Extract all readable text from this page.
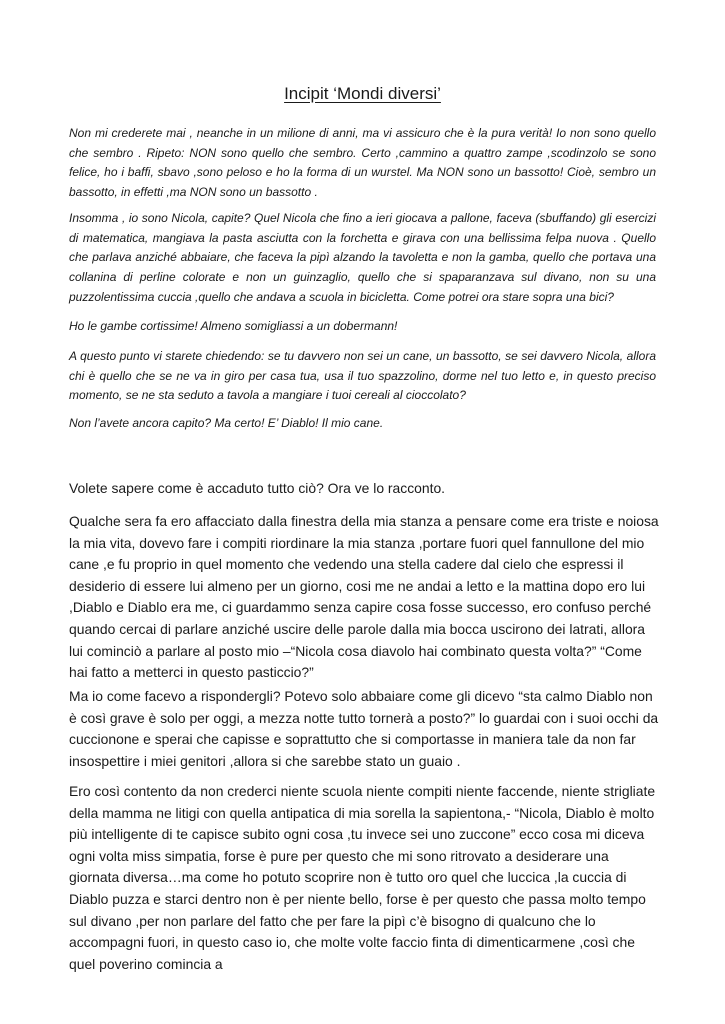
Incipit ‘Mondi diversi’

Non mi crederete mai , neanche in un milione di anni, ma vi assicuro che è la pura verità! Io non sono quello che sembro . Ripeto: NON sono quello che sembro. Certo ,cammino a quattro zampe ,scodinzolo se sono felice, ho i baffi, sbavo ,sono peloso e ho la forma di un wurstel. Ma NON sono un bassotto! Cioè, sembro un bassotto, in effetti ,ma NON sono un bassotto .

Insomma , io sono Nicola, capite? Quel Nicola che fino a ieri giocava a pallone, faceva (sbuffando) gli esercizi di matematica, mangiava la pasta asciutta con la forchetta e girava con una bellissima felpa nuova . Quello che parlava anziché abbaiare, che faceva la pipì alzando la tavoletta e non la gamba, quello che portava una collanina di perline colorate e non un guinzaglio, quello che si spaparanzava sul divano, non su una puzzolentissima cuccia ,quello che andava a scuola in bicicletta. Come potrei ora stare sopra una bici?

Ho le gambe cortissime! Almeno somigliassi a un dobermann!

A questo punto vi starete chiedendo: se tu davvero non sei un cane, un bassotto, se sei davvero Nicola, allora chi è quello che se ne va in giro per casa tua, usa il tuo spazzolino, dorme nel tuo letto e, in questo preciso momento, se ne sta seduto a tavola a mangiare i tuoi cereali al cioccolato?

Non l’avete ancora capito? Ma certo! E’ Diablo! Il mio cane.

Volete sapere come è accaduto tutto ciò? Ora ve lo racconto.

Qualche sera fa ero affacciato dalla finestra della mia stanza a pensare come era triste e noiosa la mia vita, dovevo fare i compiti riordinare la mia stanza ,portare fuori quel fannullone del mio cane ,e fu proprio in quel momento che vedendo una stella cadere dal cielo che espressi il desiderio di essere lui almeno per un giorno, cosi me ne andai a letto e la mattina dopo ero lui ,Diablo e Diablo era me, ci guardammo senza capire cosa fosse successo, ero confuso perché quando cercai di parlare anziché uscire delle parole dalla mia bocca uscirono dei latrati, allora lui cominciò a parlare al posto mio –“Nicola cosa diavolo hai combinato questa volta?” “Come hai fatto a metterci in questo pasticcio?”

Ma io come facevo a rispondergli? Potevo solo abbaiare come gli dicevo “sta calmo Diablo non è così grave è solo per oggi, a mezza notte tutto tornerà a posto?” lo guardai con i suoi occhi da cuccionone e sperai che capisse e soprattutto che si comportasse in maniera tale da non far insospettire i miei genitori ,allora si che sarebbe stato un guaio .

Ero così contento da non crederci niente scuola niente compiti niente faccende, niente strigliate della mamma ne litigi con quella antipatica di mia sorella la sapientona,- “Nicola, Diablo è molto più intelligente di te capisce subito ogni cosa ,tu invece sei uno zuccone” ecco cosa mi diceva ogni volta miss simpatia, forse è pure per questo che mi sono ritrovato a desiderare una giornata diversa…ma come ho potuto scoprire non è tutto oro quel che luccica ,la cuccia di Diablo puzza e starci dentro non è per niente bello, forse è per questo che passa molto tempo sul divano ,per non parlare del fatto che per fare la pipì c’è bisogno di qualcuno che lo accompagni fuori, in questo caso io, che molte volte faccio finta di dimenticarmene ,così che quel poverino comincia a
